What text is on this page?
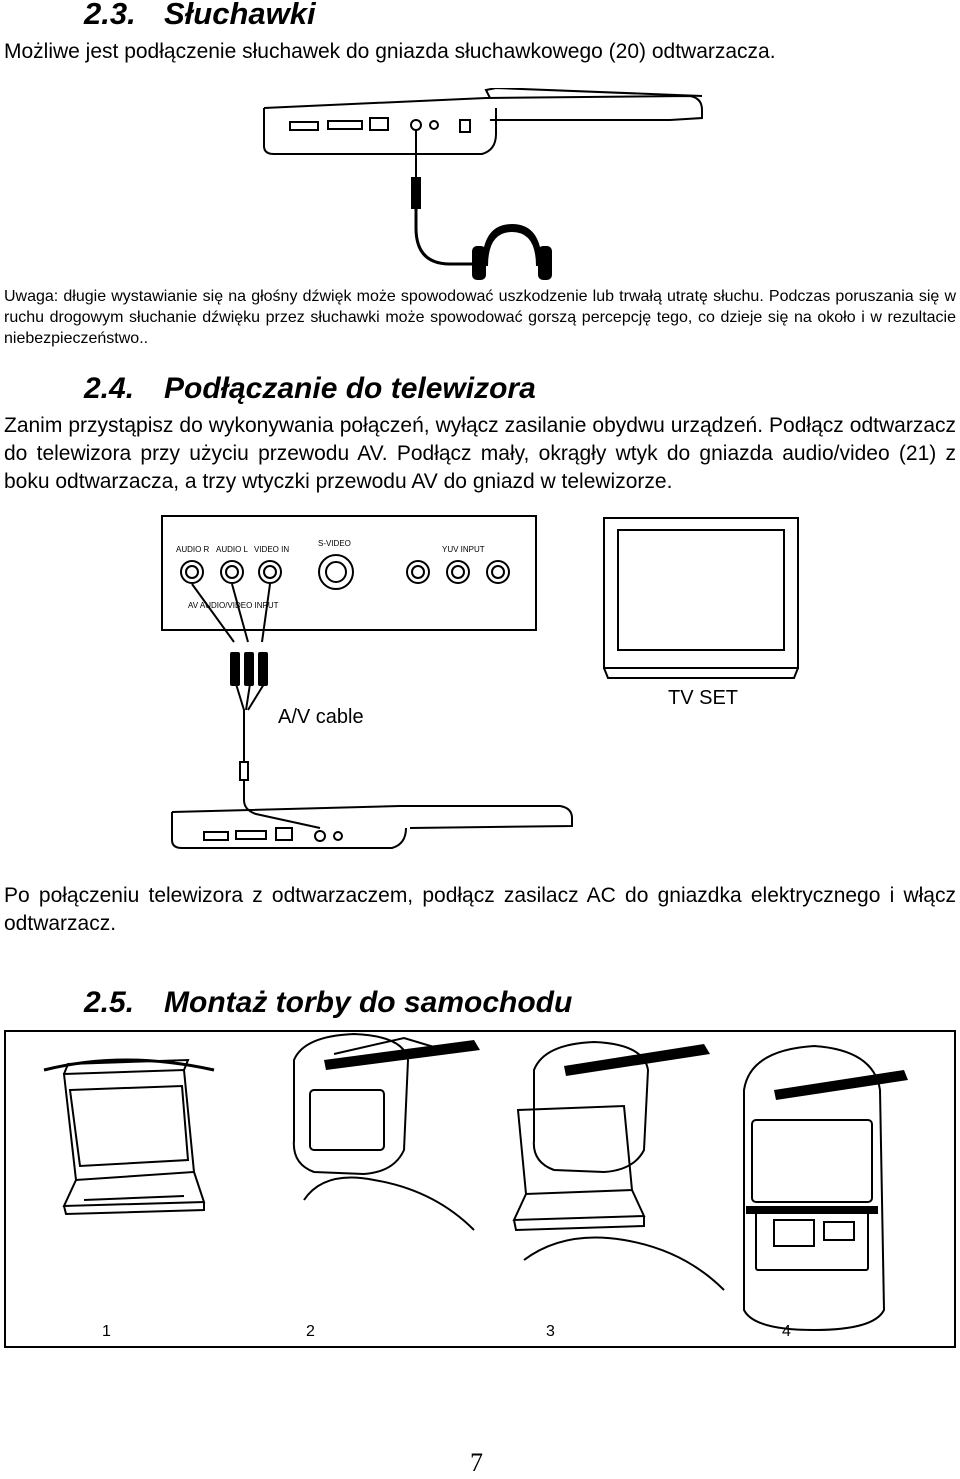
2.3. Słuchawki

Możliwe jest podłączenie słuchawek do gniazda słuchawkowego (20) odtwarzacza.

Uwaga: długie wystawianie się na głośny dźwięk może spowodować uszkodzenie lub trwałą utratę słuchu. Podczas poruszania się w ruchu drogowym słuchanie dźwięku przez słuchawki może spowodować gorszą percepcję tego, co dzieje się na około i w rezultacie niebezpieczeństwo..

2.4. Podłączanie do telewizora

Zanim przystąpisz do wykonywania połączeń, wyłącz zasilanie obydwu urządzeń. Podłącz odtwarzacz do telewizora przy użyciu przewodu AV. Podłącz mały, okrągły wtyk do gniazda audio/video (21) z boku odtwarzacza, a trzy wtyczki przewodu AV do gniazd w telewizorze.

AUDIO R AUDIO L VIDEO IN
S-VIDEO
YUV INPUT
AV AUDIO/VIDEO INPUT
A/V cable
TV SET

Po połączeniu telewizora z odtwarzaczem, podłącz zasilacz AC do gniazdka elektrycznego i włącz odtwarzacz.

2.5. Montaż torby do samochodu
1	2	3	4
7
